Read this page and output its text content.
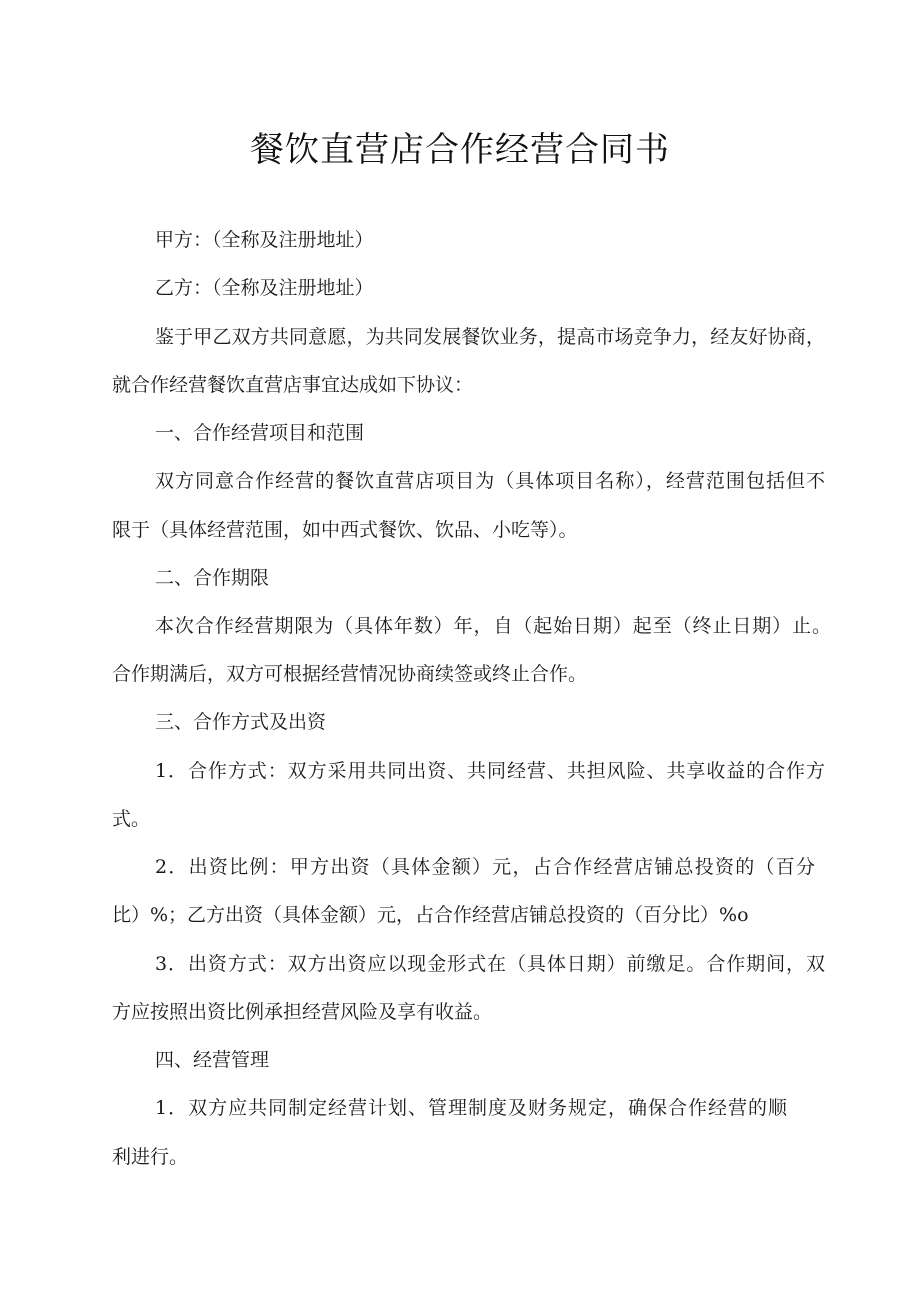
餐饮直营店合作经营合同书

甲方：（全称及注册地址）

乙方：（全称及注册地址）

鉴于甲乙双方共同意愿，为共同发展餐饮业务，提高市场竞争力，经友好协商，

就合作经营餐饮直营店事宜达成如下协议：

一、合作经营项目和范围

双方同意合作经营的餐饮直营店项目为（具体项目名称），经营范围包括但不

限于（具体经营范围，如中西式餐饮、饮品、小吃等）。

二、合作期限

本次合作经营期限为（具体年数）年，自（起始日期）起至（终止日期）止。

合作期满后，双方可根据经营情况协商续签或终止合作。

三、合作方式及出资

1．合作方式：双方采用共同出资、共同经营、共担风险、共享收益的合作方

式。

2．出资比例：甲方出资（具体金额）元，占合作经营店铺总投资的（百分

比）%；乙方出资（具体金额）元，占合作经营店铺总投资的（百分比）%o

3．出资方式：双方出资应以现金形式在（具体日期）前缴足。合作期间，双

方应按照出资比例承担经营风险及享有收益。

四、经营管理

1．双方应共同制定经营计划、管理制度及财务规定，确保合作经营的顺

利进行。
